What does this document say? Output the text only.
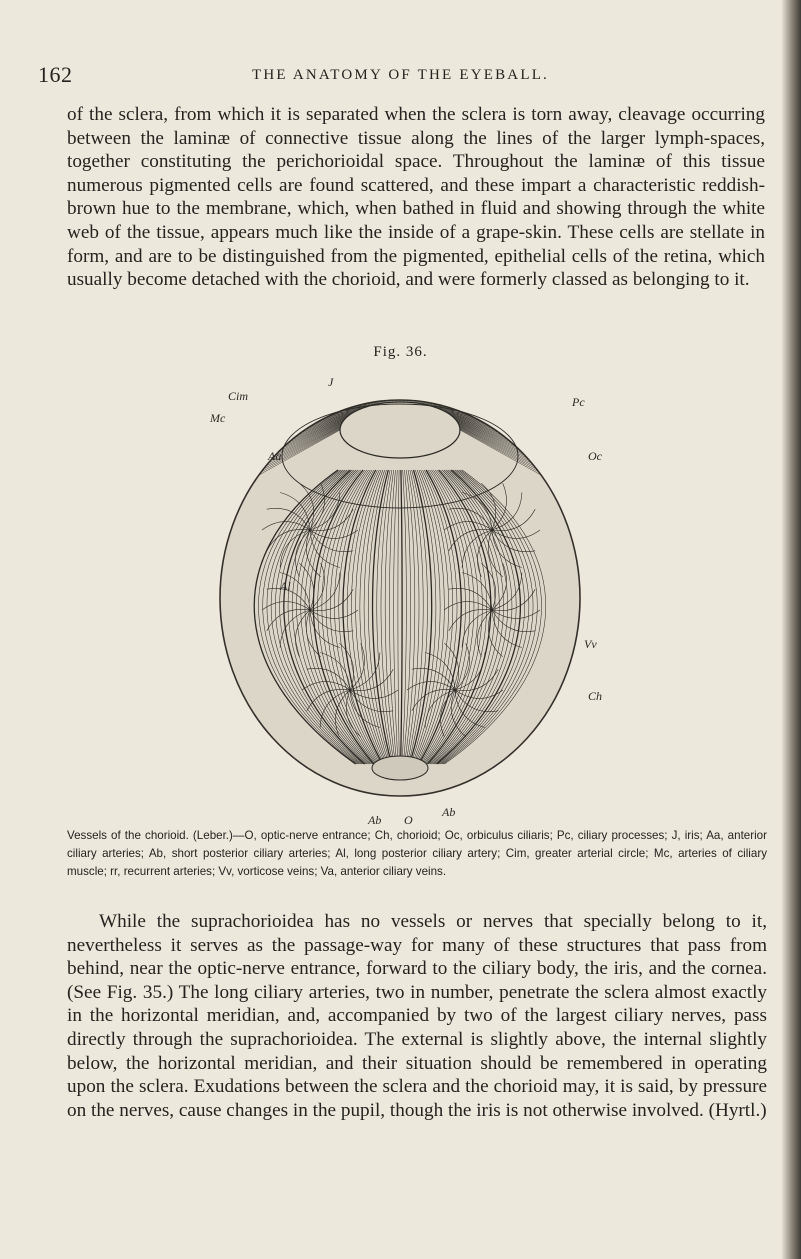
162	THE ANATOMY OF THE EYEBALL.

of the sclera, from which it is separated when the sclera is torn away, cleavage occurring between the laminæ of connective tissue along the lines of the larger lymph-spaces, together constituting the perichorioidal space. Throughout the laminæ of this tissue numerous pigmented cells are found scattered, and these impart a characteristic reddish-brown hue to the membrane, which, when bathed in fluid and showing through the white web of the tissue, appears much like the inside of a grape-skin. These cells are stellate in form, and are to be distinguished from the pigmented, epithelial cells of the retina, which usually become detached with the chorioid, and were formerly classed as belonging to it.

Fig. 36.
J
Cim
Mc
Aa
Pc
Oc
Al
Vv
Ch
Ab O
Ab

Vessels of the chorioid. (Leber.)—O, optic-nerve entrance; Ch, chorioid; Oc, orbiculus ciliaris; Pc, ciliary processes; J, iris; Aa, anterior ciliary arteries; Ab, short posterior ciliary arteries; Al, long posterior ciliary artery; Cim, greater arterial circle; Mc, arteries of ciliary muscle; rr, recurrent arteries; Vv, vorticose veins; Va, anterior ciliary veins.

While the suprachorioidea has no vessels or nerves that specially belong to it, nevertheless it serves as the passage-way for many of these structures that pass from behind, near the optic-nerve entrance, forward to the ciliary body, the iris, and the cornea. (See Fig. 35.) The long ciliary arteries, two in number, penetrate the sclera almost exactly in the horizontal meridian, and, accompanied by two of the largest ciliary nerves, pass directly through the suprachorioidea. The external is slightly above, the internal slightly below, the horizontal meridian, and their situation should be remembered in operating upon the sclera. Exudations between the sclera and the chorioid may, it is said, by pressure on the nerves, cause changes in the pupil, though the iris is not otherwise involved. (Hyrtl.)
